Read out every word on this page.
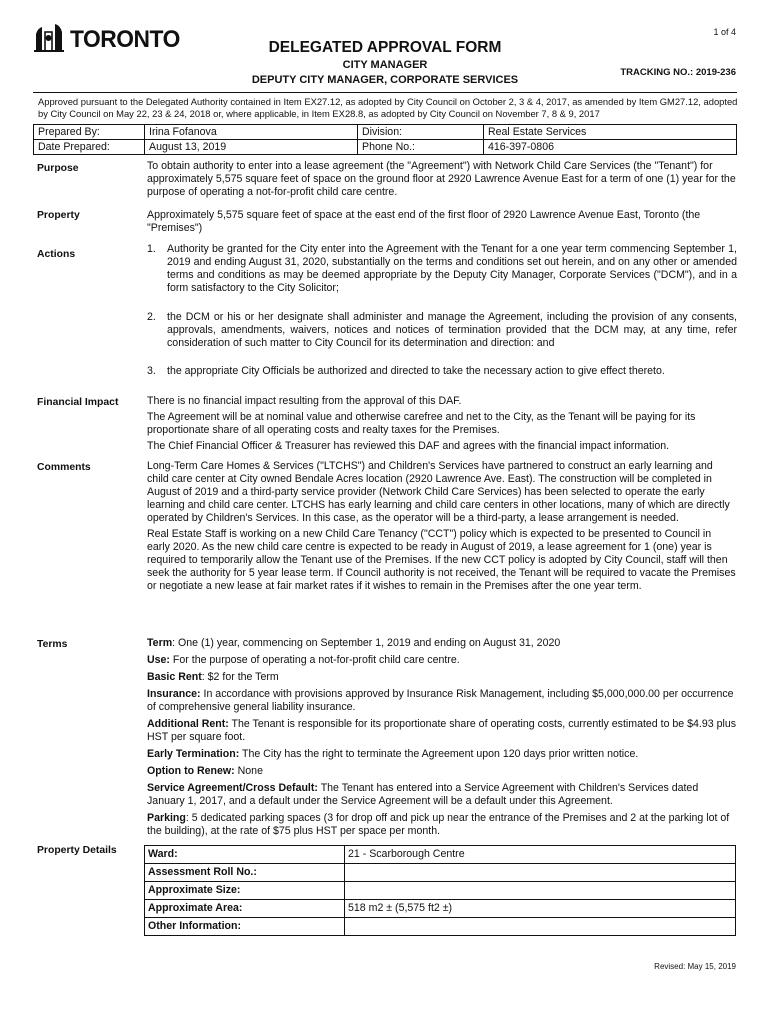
1 of 4
TORONTO	DELEGATED APPROVAL FORM
CITY MANAGER
DEPUTY CITY MANAGER, CORPORATE SERVICES
TRACKING NO.: 2019-236
Approved pursuant to the Delegated Authority contained in Item EX27.12, as adopted by City Council on October 2, 3 & 4, 2017, as amended by Item GM27.12, adopted by City Council on May 22, 23 & 24, 2018 or, where applicable, in Item EX28.8, as adopted by City Council on November 7, 8 & 9, 2017
Prepared By:	Irina Fofanova	Division:	Real Estate Services
Date Prepared:	August 13, 2019	Phone No.:	416-397-0806
Purpose	To obtain authority to enter into a lease agreement (the "Agreement") with Network Child Care Services (the "Tenant") for approximately 5,575 square feet of space on the ground floor at 2920 Lawrence Avenue East for a term of one (1) year for the purpose of operating a not-for-profit child care centre.
Property	Approximately 5,575 square feet of space at the east end of the first floor of 2920 Lawrence Avenue East, Toronto (the "Premises")
Actions	1.	Authority be granted for the City enter into the Agreement with the Tenant for a one year term commencing September 1, 2019 and ending August 31, 2020, substantially on the terms and conditions set out herein, and on any other or amended terms and conditions as may be deemed appropriate by the Deputy City Manager, Corporate Services ("DCM"), and in a form satisfactory to the City Solicitor;
2.	the DCM or his or her designate shall administer and manage the Agreement, including the provision of any consents, approvals, amendments, waivers, notices and notices of termination provided that the DCM may, at any time, refer consideration of such matter to City Council for its determination and direction: and
3.	the appropriate City Officials be authorized and directed to take the necessary action to give effect thereto.
Financial Impact	There is no financial impact resulting from the approval of this DAF.

The Agreement will be at nominal value and otherwise carefree and net to the City, as the Tenant will be paying for its proportionate share of all operating costs and realty taxes for the Premises.

The Chief Financial Officer & Treasurer has reviewed this DAF and agrees with the financial impact information.

Comments	Long-Term Care Homes & Services ("LTCHS") and Children's Services have partnered to construct an early learning and child care center at City owned Bendale Acres location (2920 Lawrence Ave. East). The construction will be completed in August of 2019 and a third-party service provider (Network Child Care Services) has been selected to operate the early learning and child care center. LTCHS has early learning and child care centers in other locations, many of which are directly operated by Children's Services. In this case, as the operator will be a third-party, a lease arrangement is needed.

Real Estate Staff is working on a new Child Care Tenancy ("CCT") policy which is expected to be presented to Council in early 2020. As the new child care centre is expected to be ready in August of 2019, a lease agreement for 1 (one) year is required to temporarily allow the Tenant use of the Premises. If the new CCT policy is adopted by City Council, staff will then seek the authority for 5 year lease term. If Council authority is not received, the Tenant will be required to vacate the Premises or negotiate a new lease at fair market rates if it wishes to remain in the Premises after the one year term.

Terms	Term: One (1) year, commencing on September 1, 2019 and ending on August 31, 2020

Use: For the purpose of operating a not-for-profit child care centre.

Basic Rent: $2 for the Term

Insurance: In accordance with provisions approved by Insurance Risk Management, including $5,000,000.00 per occurrence of comprehensive general liability insurance.

Additional Rent: The Tenant is responsible for its proportionate share of operating costs, currently estimated to be $4.93 plus HST per square foot.

Early Termination: The City has the right to terminate the Agreement upon 120 days prior written notice.

Option to Renew: None

Service Agreement/Cross Default: The Tenant has entered into a Service Agreement with Children's Services dated January 1, 2017, and a default under the Service Agreement will be a default under this Agreement.

Parking: 5 dedicated parking spaces (3 for drop off and pick up near the entrance of the Premises and 2 at the parking lot of the building), at the rate of $75 plus HST per space per month.

Property Details	Ward:	21 - Scarborough Centre
Assessment Roll No.:	
Approximate Size:	
Approximate Area:	518 m2 ± (5,575 ft2 ±)
Other Information:	
Revised: May 15, 2019
